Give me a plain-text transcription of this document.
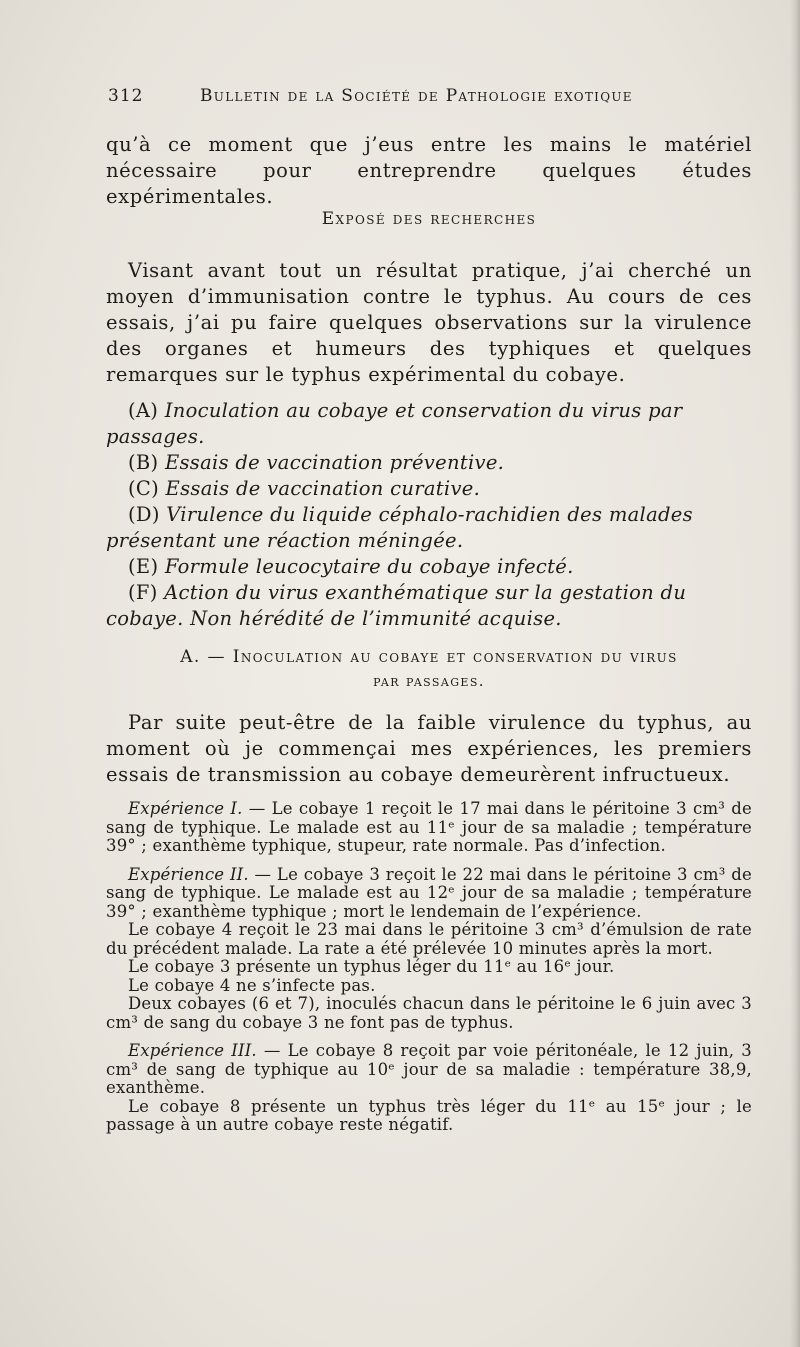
312	Bulletin de la Société de Pathologie exotique

qu’à ce moment que j’eus entre les mains le matériel nécessaire pour entreprendre quelques études expérimentales.

Exposé des recherches

Visant avant tout un résultat pratique, j’ai cherché un moyen d’immunisation contre le typhus. Au cours de ces essais, j’ai pu faire quelques observations sur la virulence des organes et humeurs des typhiques et quelques remarques sur le typhus expérimental du cobaye.

(A) Inoculation au cobaye et conservation du virus par passages.

(B) Essais de vaccination préventive.

(C) Essais de vaccination curative.

(D) Virulence du liquide céphalo-rachidien des malades présentant une réaction méningée.

(E) Formule leucocytaire du cobaye infecté.

(F) Action du virus exanthématique sur la gestation du cobaye. Non hérédité de l’immunité acquise.

A. — Inoculation au cobaye et conservation du virus

par passages.

Par suite peut-être de la faible virulence du typhus, au moment où je commençai mes expériences, les premiers essais de transmission au cobaye demeurèrent infructueux.

Expérience I. — Le cobaye 1 reçoit le 17 mai dans le péritoine 3 cm³ de sang de typhique. Le malade est au 11ᵉ jour de sa maladie ; température 39° ; exanthème typhique, stupeur, rate normale. Pas d’infection.

Expérience II. — Le cobaye 3 reçoit le 22 mai dans le péritoine 3 cm³ de sang de typhique. Le malade est au 12ᵉ jour de sa maladie ; température 39° ; exanthème typhique ; mort le lendemain de l’expérience.

Le cobaye 4 reçoit le 23 mai dans le péritoine 3 cm³ d’émulsion de rate du précédent malade. La rate a été prélevée 10 minutes après la mort.

Le cobaye 3 présente un typhus léger du 11ᵉ au 16ᵉ jour.

Le cobaye 4 ne s’infecte pas.

Deux cobayes (6 et 7), inoculés chacun dans le péritoine le 6 juin avec 3 cm³ de sang du cobaye 3 ne font pas de typhus.

Expérience III. — Le cobaye 8 reçoit par voie péritonéale, le 12 juin, 3 cm³ de sang de typhique au 10ᵉ jour de sa maladie : température 38,9, exanthème.

Le cobaye 8 présente un typhus très léger du 11ᵉ au 15ᵉ jour ; le passage à un autre cobaye reste négatif.
